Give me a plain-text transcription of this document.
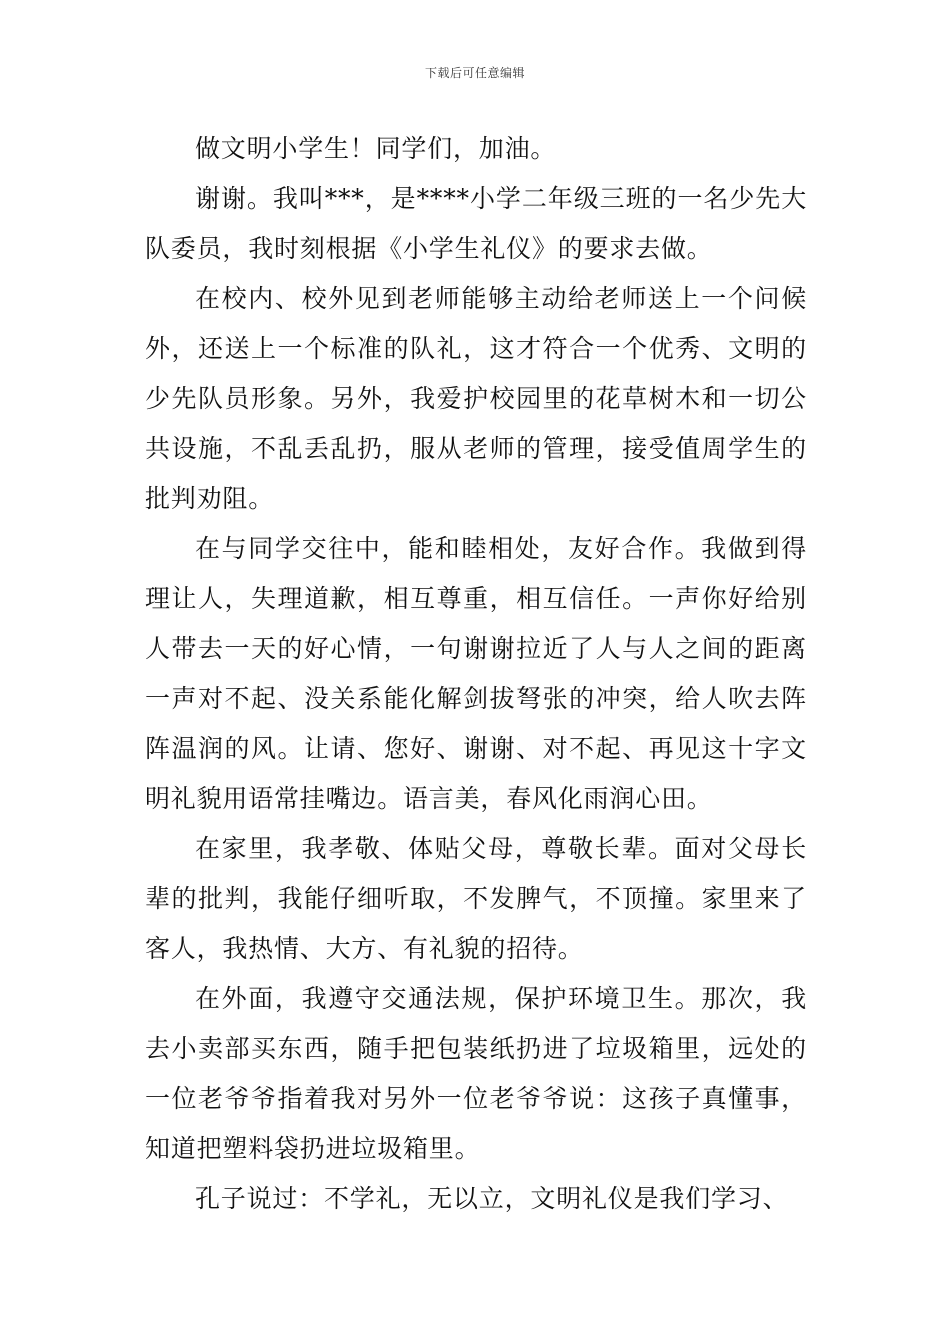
下载后可任意编辑

做文明小学生！同学们，加油。

谢谢。我叫***，是****小学二年级三班的一名少先大队委员，我时刻根据《小学生礼仪》的要求去做。

在校内、校外见到老师能够主动给老师送上一个问候外，还送上一个标准的队礼，这才符合一个优秀、文明的少先队员形象。另外，我爱护校园里的花草树木和一切公共设施，不乱丢乱扔，服从老师的管理，接受值周学生的批判劝阻。

在与同学交往中，能和睦相处，友好合作。我做到得理让人，失理道歉，相互尊重，相互信任。一声你好给别人带去一天的好心情，一句谢谢拉近了人与人之间的距离一声对不起、没关系能化解剑拔弩张的冲突，给人吹去阵阵温润的风。让请、您好、谢谢、对不起、再见这十字文明礼貌用语常挂嘴边。语言美，春风化雨润心田。

在家里，我孝敬、体贴父母，尊敬长辈。面对父母长辈的批判，我能仔细听取，不发脾气，不顶撞。家里来了客人，我热情、大方、有礼貌的招待。

在外面，我遵守交通法规，保护环境卫生。那次，我去小卖部买东西，随手把包装纸扔进了垃圾箱里，远处的一位老爷爷指着我对另外一位老爷爷说：这孩子真懂事，知道把塑料袋扔进垃圾箱里。

孔子说过：不学礼，无以立，文明礼仪是我们学习、
